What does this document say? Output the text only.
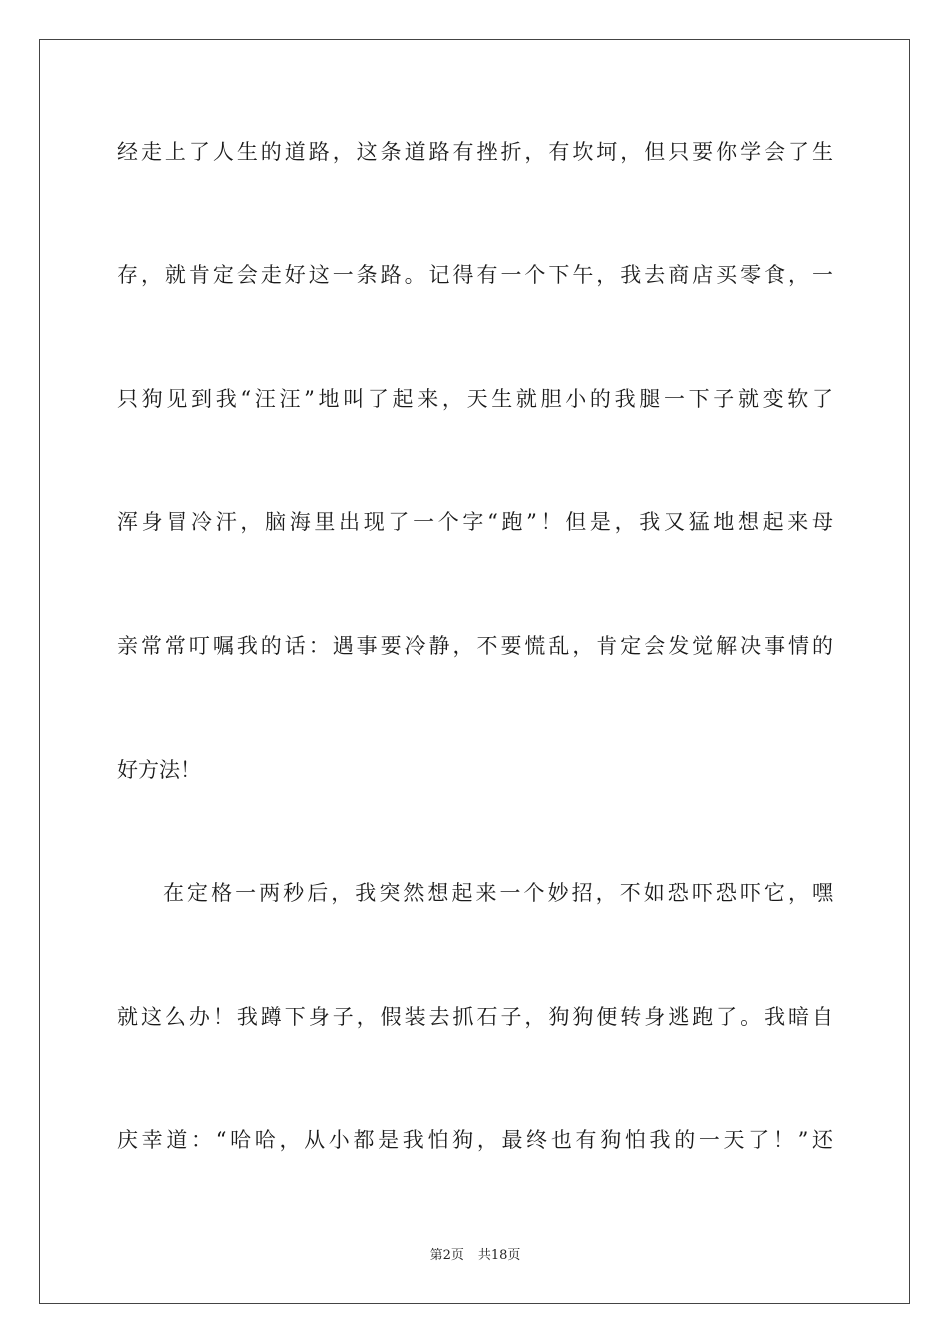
经走上了人生的道路，这条道路有挫折，有坎坷，但只要你学会了生
存，就肯定会走好这一条路。记得有一个下午，我去商店买零食，一
只狗见到我“汪汪”地叫了起来，天生就胆小的我腿一下子就变软了
浑身冒冷汗，脑海里出现了一个字“跑”！但是，我又猛地想起来母
亲常常叮嘱我的话：遇事要冷静，不要慌乱，肯定会发觉解决事情的
好方法！
在定格一两秒后，我突然想起来一个妙招，不如恐吓恐吓它，嘿
就这么办！我蹲下身子，假装去抓石子，狗狗便转身逃跑了。我暗自
庆幸道：“哈哈，从小都是我怕狗，最终也有狗怕我的一天了！”还
第2页 共18页
